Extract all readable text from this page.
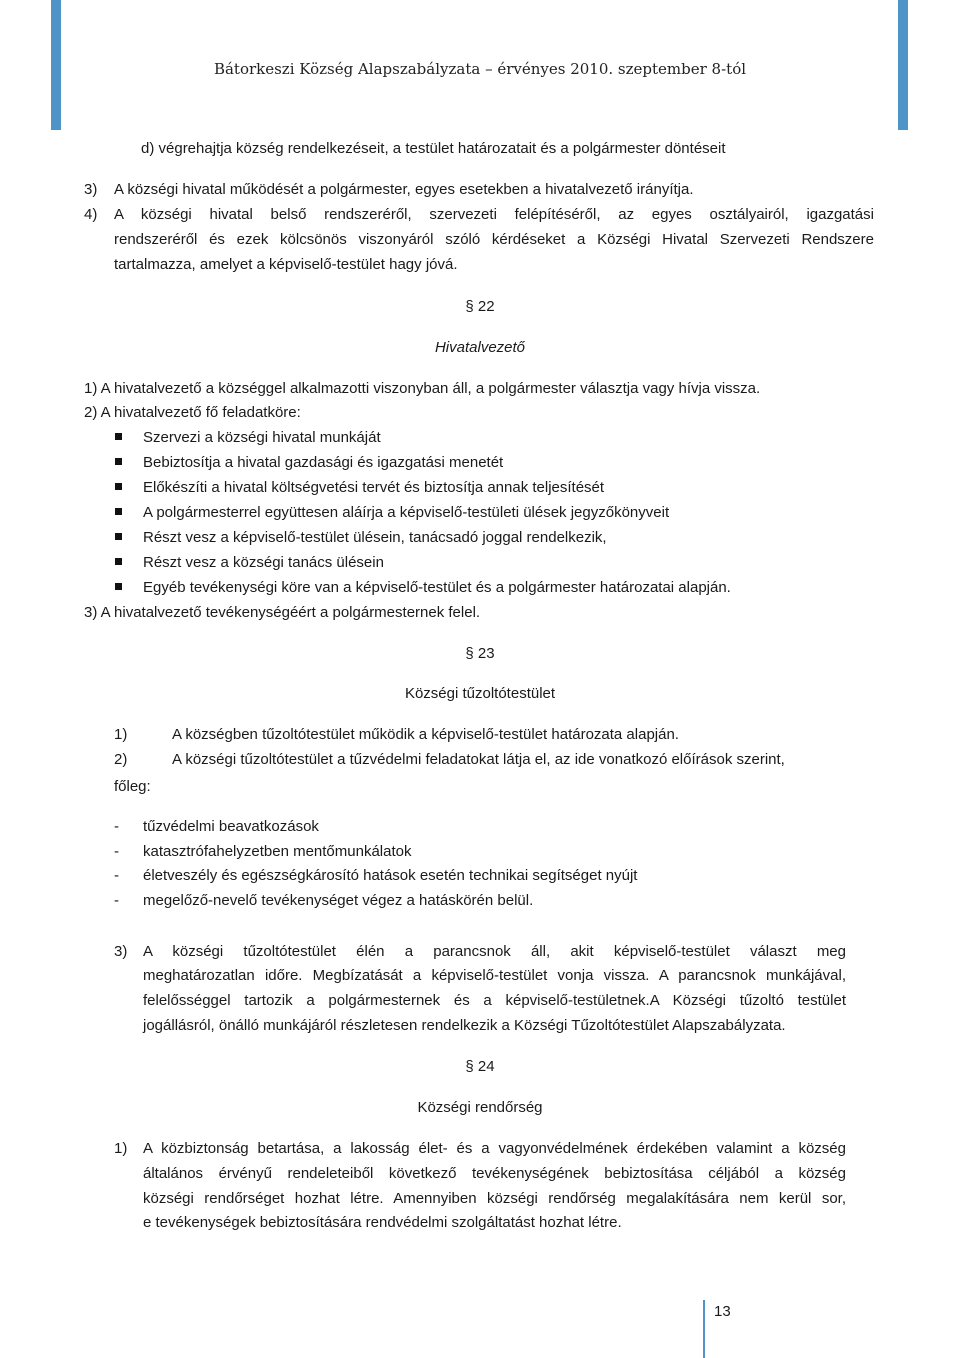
Bátorkeszi Község Alapszabályzata – érvényes 2010. szeptember 8-tól
d) végrehajtja község rendelkezéseit, a testület határozatait és a polgármester döntéseit
3) A községi hivatal működését a polgármester, egyes esetekben a hivatalvezető irányítja.
4) A községi hivatal belső rendszeréről, szervezeti felépítéséről, az egyes osztályairól, igazgatási
rendszeréről és ezek kölcsönös viszonyáról szóló kérdéseket a Községi Hivatal Szervezeti Rendszere
tartalmazza, amelyet a képviselő-testület hagy jóvá.
§ 22
Hivatalvezető
1) A hivatalvezető a községgel alkalmazotti viszonyban áll, a polgármester választja vagy hívja vissza.
2) A hivatalvezető fő feladatköre:
Szervezi a községi hivatal munkáját
Bebiztosítja a hivatal gazdasági és igazgatási menetét
Előkészíti a hivatal költségvetési tervét és biztosítja annak teljesítését
A polgármesterrel együttesen aláírja a képviselő-testületi ülések jegyzőkönyveit
Részt vesz a képviselő-testület ülésein, tanácsadó joggal rendelkezik,
Részt vesz a községi tanács ülésein
Egyéb tevékenységi köre van a képviselő-testület és a polgármester határozatai alapján.
3) A hivatalvezető tevékenységéért a polgármesternek felel.
§ 23
Községi tűzoltótestület
1)	A községben tűzoltótestület működik a képviselő-testület határozata alapján.
2)	A községi tűzoltótestület a tűzvédelmi feladatokat látja el, az ide vonatkozó előírások szerint,
főleg:
- tűzvédelmi beavatkozások
- katasztrófahelyzetben mentőmunkálatok
- életveszély és egészségkárosító hatások esetén technikai segítséget nyújt
- megelőző-nevelő tevékenységet végez a hatáskörén belül.
3) A községi tűzoltótestület élén a parancsnok áll, akit képviselő-testület választ meg
meghatározatlan időre. Megbízatását a képviselő-testület vonja vissza. A parancsnok munkájával,
felelősséggel tartozik a polgármesternek és a képviselő-testületnek.A Községi tűzoltó testület
jogállásról, önálló munkájáról részletesen rendelkezik a Községi Tűzoltótestület Alapszabályzata.
§ 24
Községi rendőrség
1) A közbiztonság betartása, a lakosság élet- és a vagyonvédelmének érdekében valamint a község
általános érvényű rendeleteiből következő tevékenységének bebiztosítása céljából a község
községi rendőrséget hozhat létre. Amennyiben községi rendőrség megalakítására nem kerül sor,
e tevékenységek bebiztosítására rendvédelmi szolgáltatást hozhat létre.
13
